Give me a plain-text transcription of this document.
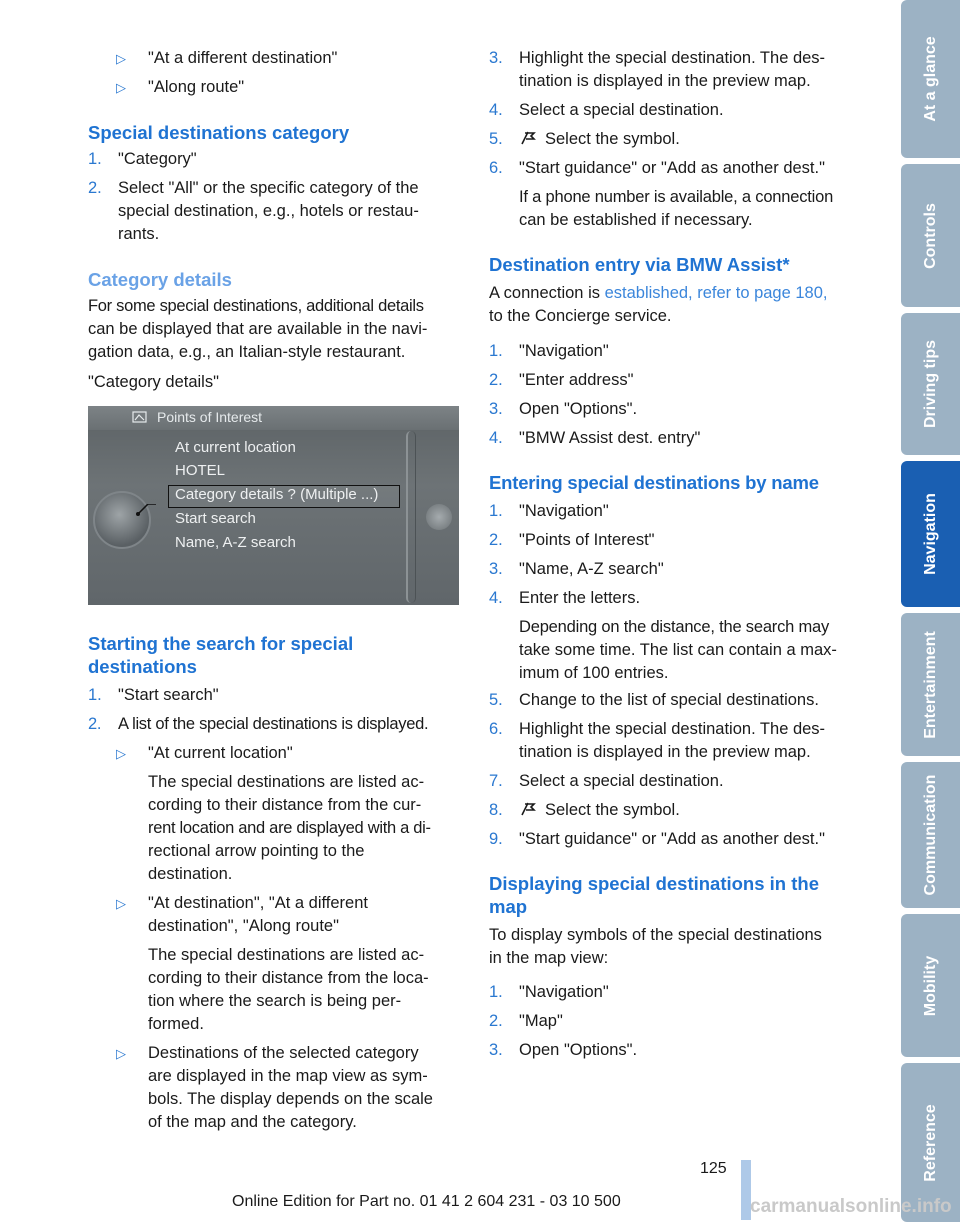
▷ "At a different destination"
▷ "Along route"
Special destinations category
1. "Category"
2. Select "All" or the specific category of the
special destination, e.g., hotels or restau-
rants.
Category details
For some special destinations, additional details
can be displayed that are available in the navi-
gation data, e.g., an Italian-style restaurant.
"Category details"
Starting the search for special
destinations
1. "Start search"
2. A list of the special destinations is displayed.
▷ "At current location"
The special destinations are listed ac-
cording to their distance from the cur-
rent location and are displayed with a di-
rectional arrow pointing to the
destination.
▷ "At destination", "At a different
destination", "Along route"
The special destinations are listed ac-
cording to their distance from the loca-
tion where the search is being per-
formed.
▷ Destinations of the selected category
are displayed in the map view as sym-
bols. The display depends on the scale
of the map and the category.
Points of Interest
At current location
HOTEL
Category details ? (Multiple ...)
Start search
Name, A-Z search
3. Highlight the special destination. The des-
tination is displayed in the preview map.
4. Select a special destination.
5.	Select the symbol.
6. "Start guidance" or "Add as another dest."
If a phone number is available, a connection
can be established if necessary.
Destination entry via BMW Assist*
A connection is established, refer to page 180,
to the Concierge service.
1. "Navigation"
2. "Enter address"
3. Open "Options".
4. "BMW Assist dest. entry"
Entering special destinations by name
1. "Navigation"
2. "Points of Interest"
3. "Name, A-Z search"
4. Enter the letters.
Depending on the distance, the search may
take some time. The list can contain a max-
imum of 100 entries.
5. Change to the list of special destinations.
6. Highlight the special destination. The des-
tination is displayed in the preview map.
7. Select a special destination.
8.	Select the symbol.
9. "Start guidance" or "Add as another dest."
Displaying special destinations in the
map
To display symbols of the special destinations
in the map view:
1. "Navigation"
2. "Map"
3. Open "Options".
At a glance
Controls
Driving tips
Navigation
Entertainment
Communication
Mobility
Reference
125
Online Edition for Part no. 01 41 2 604 231 - 03 10 500	carmanualsonline.info
